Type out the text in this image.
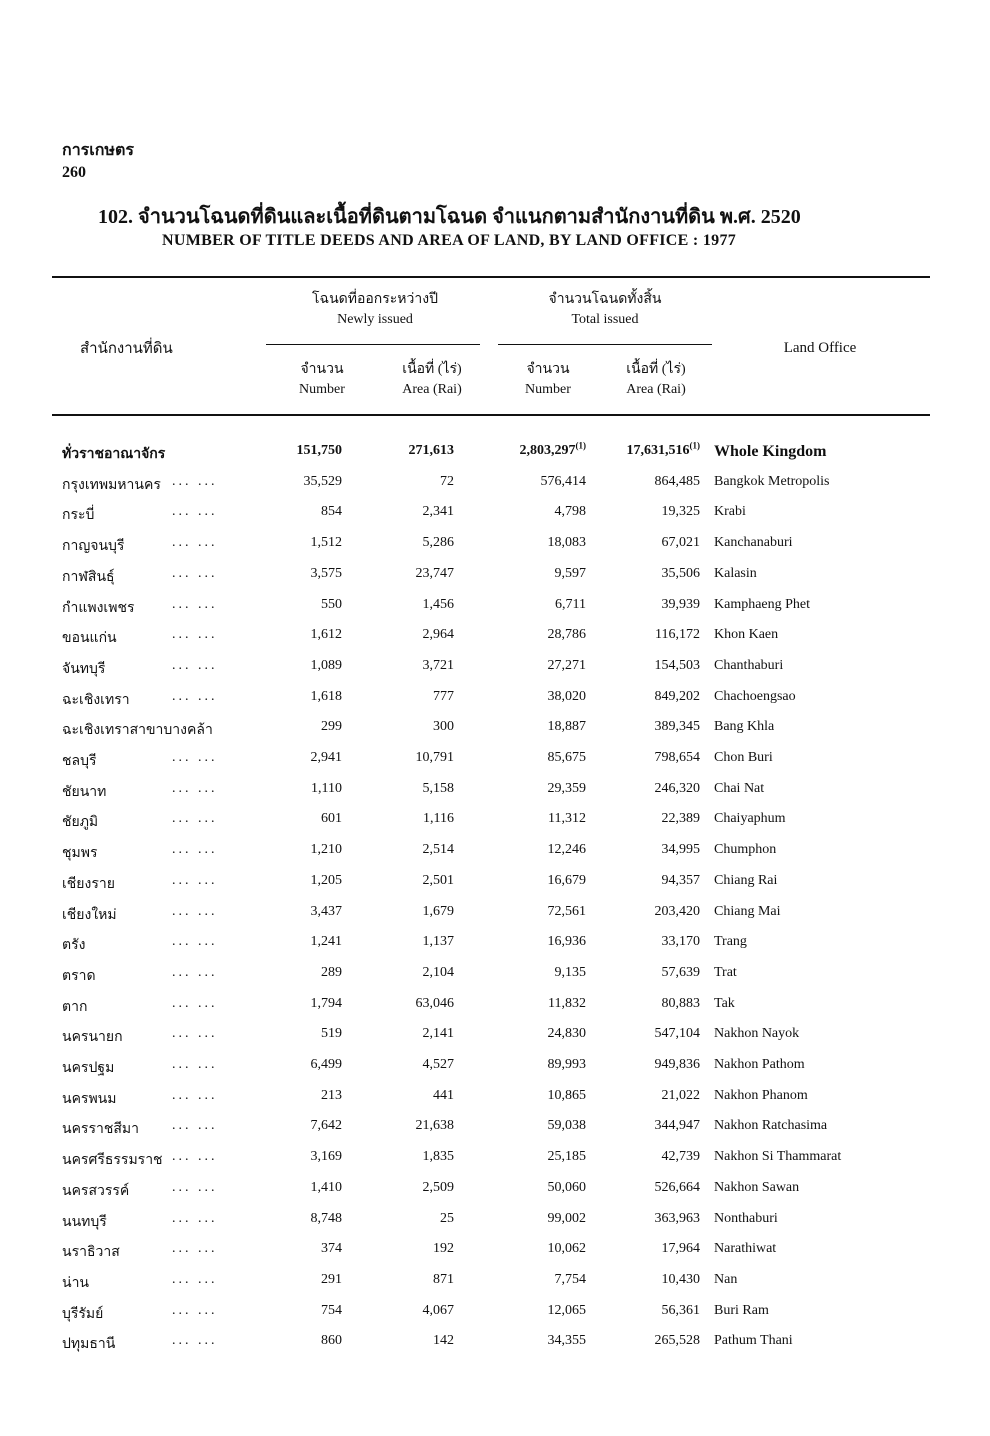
การเกษตร
260
102. จำนวนโฉนดที่ดินและเนื้อที่ดินตามโฉนด จำแนกตามสำนักงานที่ดิน พ.ศ. 2520
NUMBER OF TITLE DEEDS AND AREA OF LAND, BY LAND OFFICE : 1977
สำนักงานที่ดิน	Land Office
โฉนดที่ออกระหว่างปี
Newly issued
จำนวนโฉนดทั้งสิ้น
Total issued
จำนวน
Number
เนื้อที่ (ไร่)
Area (Rai)
จำนวน
Number
เนื้อที่ (ไร่)
Area (Rai)
ทั่วราชอาณาจักร	151,750	271,613	2,803,297$^{(1)}$	17,631,516$^{(1)}$ Whole Kingdom
กรุงเทพมหานคร	35,529	72	576,414	864,485 Bangkok Metropolis
... ...
กระบี่	854	2,341	4,798	19,325 Krabi
... ...
กาญจนบุรี	1,512	5,286	18,083	67,021 Kanchanaburi
... ...
กาฬสินธุ์	3,575	23,747	9,597	35,506 Kalasin
... ...
กำแพงเพชร	550	1,456	6,711	39,939 Kamphaeng Phet
... ...
ขอนแก่น	1,612	2,964	28,786	116,172 Khon Kaen
... ...
จันทบุรี	1,089	3,721	27,271	154,503 Chanthaburi
... ...
ฉะเชิงเทรา	1,618	777	38,020	849,202 Chachoengsao
... ...
ฉะเชิงเทราสาขาบางคล้า	299	300	18,887	389,345 Bang Khla
ชลบุรี	2,941	10,791	85,675	798,654 Chon Buri
... ...
ชัยนาท	1,110	5,158	29,359	246,320 Chai Nat
... ...
ชัยภูมิ	601	1,116	11,312	22,389 Chaiyaphum
... ...
ชุมพร	1,210	2,514	12,246	34,995 Chumphon
... ...
เชียงราย	1,205	2,501	16,679	94,357 Chiang Rai
... ...
เชียงใหม่	3,437	1,679	72,561	203,420 Chiang Mai
... ...
ตรัง	1,241	1,137	16,936	33,170 Trang
... ...
ตราด	289	2,104	9,135	57,639 Trat
... ...
ตาก	1,794	63,046	11,832	80,883 Tak
... ...
นครนายก	519	2,141	24,830	547,104 Nakhon Nayok
... ...
นครปฐม	6,499	4,527	89,993	949,836 Nakhon Pathom
... ...
นครพนม	213	441	10,865	21,022 Nakhon Phanom
... ...
นครราชสีมา	7,642	21,638	59,038	344,947 Nakhon Ratchasima
... ...
นครศรีธรรมราช	3,169	1,835	25,185	42,739 Nakhon Si Thammarat
... ...
นครสวรรค์	1,410	2,509	50,060	526,664 Nakhon Sawan
... ...
นนทบุรี	8,748	25	99,002	363,963 Nonthaburi
... ...
นราธิวาส	374	192	10,062	17,964 Narathiwat
... ...
น่าน	291	871	7,754	10,430 Nan
... ...
บุรีรัมย์	754	4,067	12,065	56,361 Buri Ram
... ...
ปทุมธานี	860	142	34,355	265,528 Pathum Thani
... ...
